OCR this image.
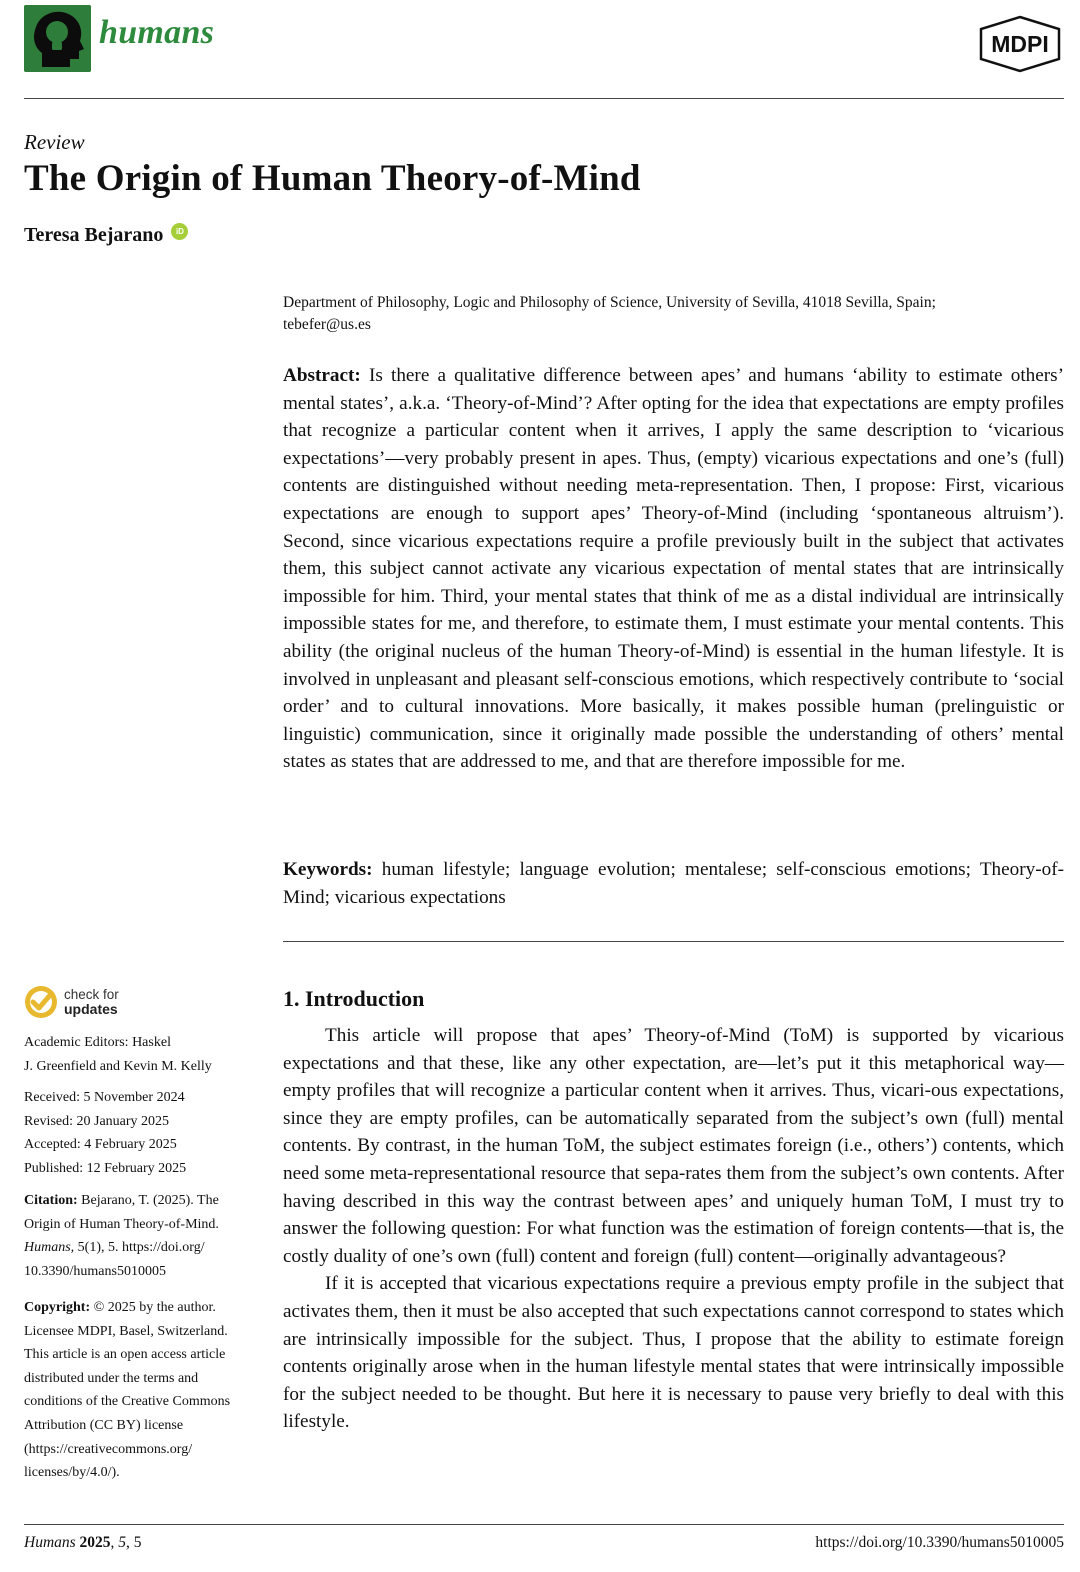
humans	MDPI
Review
The Origin of Human Theory-of-Mind
Teresa Bejarano	iD
Department of Philosophy, Logic and Philosophy of Science, University of Sevilla, 41018 Sevilla, Spain;
tebefer@us.es
Abstract: Is there a qualitative difference between apes’ and humans ‘ability to estimate others’ mental states’, a.k.a. ‘Theory-of-Mind’? After opting for the idea that expectations are empty profiles that recognize a particular content when it arrives, I apply the same description to ‘vicarious expectations’—very probably present in apes. Thus, (empty) vicarious expectations and one’s (full) contents are distinguished without needing meta-representation. Then, I propose: First, vicarious expectations are enough to support apes’ Theory-of-Mind (including ‘spontaneous altruism’). Second, since vicarious expectations require a profile previously built in the subject that activates them, this subject cannot activate any vicarious expectation of mental states that are intrinsically impossible for him. Third, your mental states that think of me as a distal individual are intrinsically impossible states for me, and therefore, to estimate them, I must estimate your mental contents. This ability (the original nucleus of the human Theory-of-Mind) is essential in the human lifestyle. It is involved in unpleasant and pleasant self-conscious emotions, which respectively contribute to ‘social order’ and to cultural innovations. More basically, it makes possible human (prelinguistic or linguistic) communication, since it originally made possible the understanding of others’ mental states as states that are addressed to me, and that are therefore impossible for me.
Keywords: human lifestyle; language evolution; mentalese; self-conscious emotions; Theory-of-Mind; vicarious expectations
1. Introduction

This article will propose that apes’ Theory-of-Mind (ToM) is supported by vicarious expectations and that these, like any other expectation, are—let’s put it this metaphorical way—empty profiles that will recognize a particular content when it arrives. Thus, vicari-ous expectations, since they are empty profiles, can be automatically separated from the subject’s own (full) mental contents. By contrast, in the human ToM, the subject estimates foreign (i.e., others’) contents, which need some meta-representational resource that sepa-rates them from the subject’s own contents. After having described in this way the contrast between apes’ and uniquely human ToM, I must try to answer the following question: For what function was the estimation of foreign contents—that is, the costly duality of one’s own (full) content and foreign (full) content—originally advantageous?

If it is accepted that vicarious expectations require a previous empty profile in the subject that activates them, then it must be also accepted that such expectations cannot correspond to states which are intrinsically impossible for the subject. Thus, I propose that the ability to estimate foreign contents originally arose when in the human lifestyle mental states that were intrinsically impossible for the subject needed to be thought. But here it is necessary to pause very briefly to deal with this lifestyle.

check for
updates

Academic Editors: Haskel

J. Greenfield and Kevin M. Kelly

Received: 5 November 2024

Revised: 20 January 2025

Accepted: 4 February 2025

Published: 12 February 2025

Citation: Bejarano, T. (2025). The

Origin of Human Theory-of-Mind.

Humans, 5(1), 5. https://doi.org/

10.3390/humans5010005

Copyright: © 2025 by the author.

Licensee MDPI, Basel, Switzerland.

This article is an open access article

distributed under the terms and

conditions of the Creative Commons

Attribution (CC BY) license

(https://creativecommons.org/

licenses/by/4.0/).

Humans 2025, 5, 5	https://doi.org/10.3390/humans5010005
